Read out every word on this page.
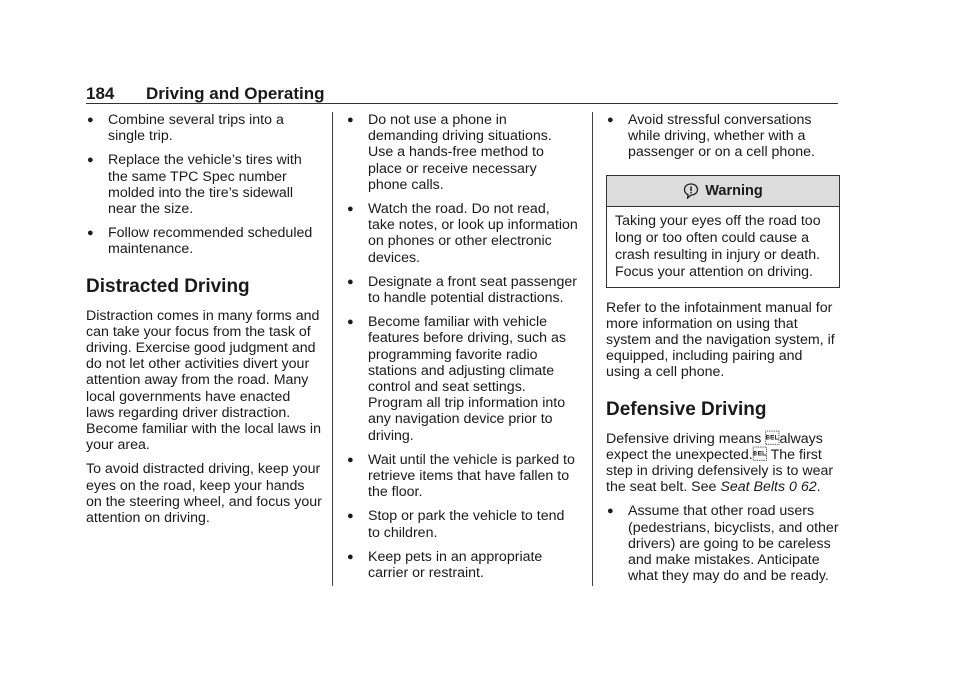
184 Driving and Operating
● Combine several trips into a single trip.
● Replace the vehicle’s tires with the same TPC Spec number molded into the tire’s sidewall near the size.
● Follow recommended scheduled maintenance.
Distracted Driving

Distraction comes in many forms and can take your focus from the task of driving. Exercise good judgment and do not let other activities divert your attention away from the road. Many local governments have enacted laws regarding driver distraction. Become familiar with the local laws in your area.

To avoid distracted driving, keep your eyes on the road, keep your hands on the steering wheel, and focus your attention on driving.

● Do not use a phone in demanding driving situations. Use a hands-free method to place or receive necessary phone calls.
● Watch the road. Do not read, take notes, or look up information on phones or other electronic devices.
● Designate a front seat passenger to handle potential distractions.
● Become familiar with vehicle features before driving, such as programming favorite radio stations and adjusting climate control and seat settings. Program all trip information into any navigation device prior to driving.
● Wait until the vehicle is parked to retrieve items that have fallen to the floor.
● Stop or park the vehicle to tend to children.
● Keep pets in an appropriate carrier or restraint.
● Avoid stressful conversations while driving, whether with a passenger or on a cell phone.
Warning
Taking your eyes off the road too long or too often could cause a crash resulting in injury or death. Focus your attention on driving.

Refer to the infotainment manual for more information on using that system and the navigation system, if equipped, including pairing and using a cell phone.

Defensive Driving

Defensive driving means always expect the unexpected. The first step in driving defensively is to wear the seat belt. See Seat Belts 0 62.

● Assume that other road users (pedestrians, bicyclists, and other drivers) are going to be careless and make mistakes. Anticipate what they may do and be ready.
